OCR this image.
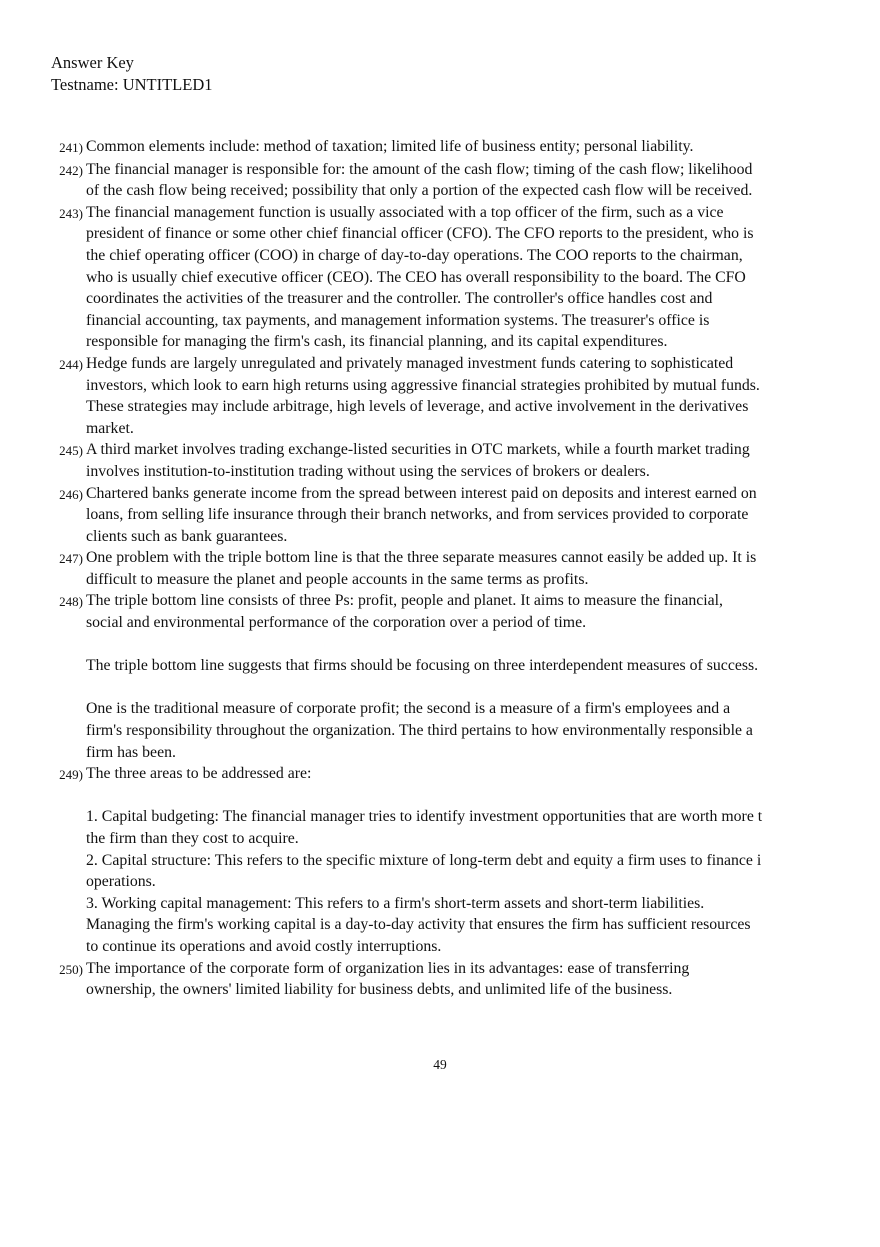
Answer Key
Testname: UNTITLED1
241) Common elements include: method of taxation; limited life of business entity; personal liability.
242) The financial manager is responsible for: the amount of the cash flow; timing of the cash flow; likelihood
of the cash flow being received; possibility that only a portion of the expected cash flow will be received.
243) The financial management function is usually associated with a top officer of the firm, such as a vice
president of finance or some other chief financial officer (CFO). The CFO reports to the president, who is
the chief operating officer (COO) in charge of day-to-day operations. The COO reports to the chairman,
who is usually chief executive officer (CEO). The CEO has overall responsibility to the board. The CFO
coordinates the activities of the treasurer and the controller. The controller's office handles cost and
financial accounting, tax payments, and management information systems. The treasurer's office is
responsible for managing the firm's cash, its financial planning, and its capital expenditures.
244) Hedge funds are largely unregulated and privately managed investment funds catering to sophisticated
investors, which look to earn high returns using aggressive financial strategies prohibited by mutual funds.
These strategies may include arbitrage, high levels of leverage, and active involvement in the derivatives
market.
245) A third market involves trading exchange-listed securities in OTC markets, while a fourth market trading
involves institution-to-institution trading without using the services of brokers or dealers.
246) Chartered banks generate income from the spread between interest paid on deposits and interest earned on
loans, from selling life insurance through their branch networks, and from services provided to corporate
clients such as bank guarantees.
247) One problem with the triple bottom line is that the three separate measures cannot easily be added up. It is
difficult to measure the planet and people accounts in the same terms as profits.
248) The triple bottom line consists of three Ps: profit, people and planet. It aims to measure the financial,
social and environmental performance of the corporation over a period of time.
The triple bottom line suggests that firms should be focusing on three interdependent measures of success.
One is the traditional measure of corporate profit; the second is a measure of a firm's employees and a
firm's responsibility throughout the organization. The third pertains to how environmentally responsible a
firm has been.
249) The three areas to be addressed are:
1. Capital budgeting: The financial manager tries to identify investment opportunities that are worth more t
the firm than they cost to acquire.
2. Capital structure: This refers to the specific mixture of long-term debt and equity a firm uses to finance i
operations.
3. Working capital management: This refers to a firm's short-term assets and short-term liabilities.
Managing the firm's working capital is a day-to-day activity that ensures the firm has sufficient resources
to continue its operations and avoid costly interruptions.
250) The importance of the corporate form of organization lies in its advantages: ease of transferring
ownership, the owners' limited liability for business debts, and unlimited life of the business.
49
